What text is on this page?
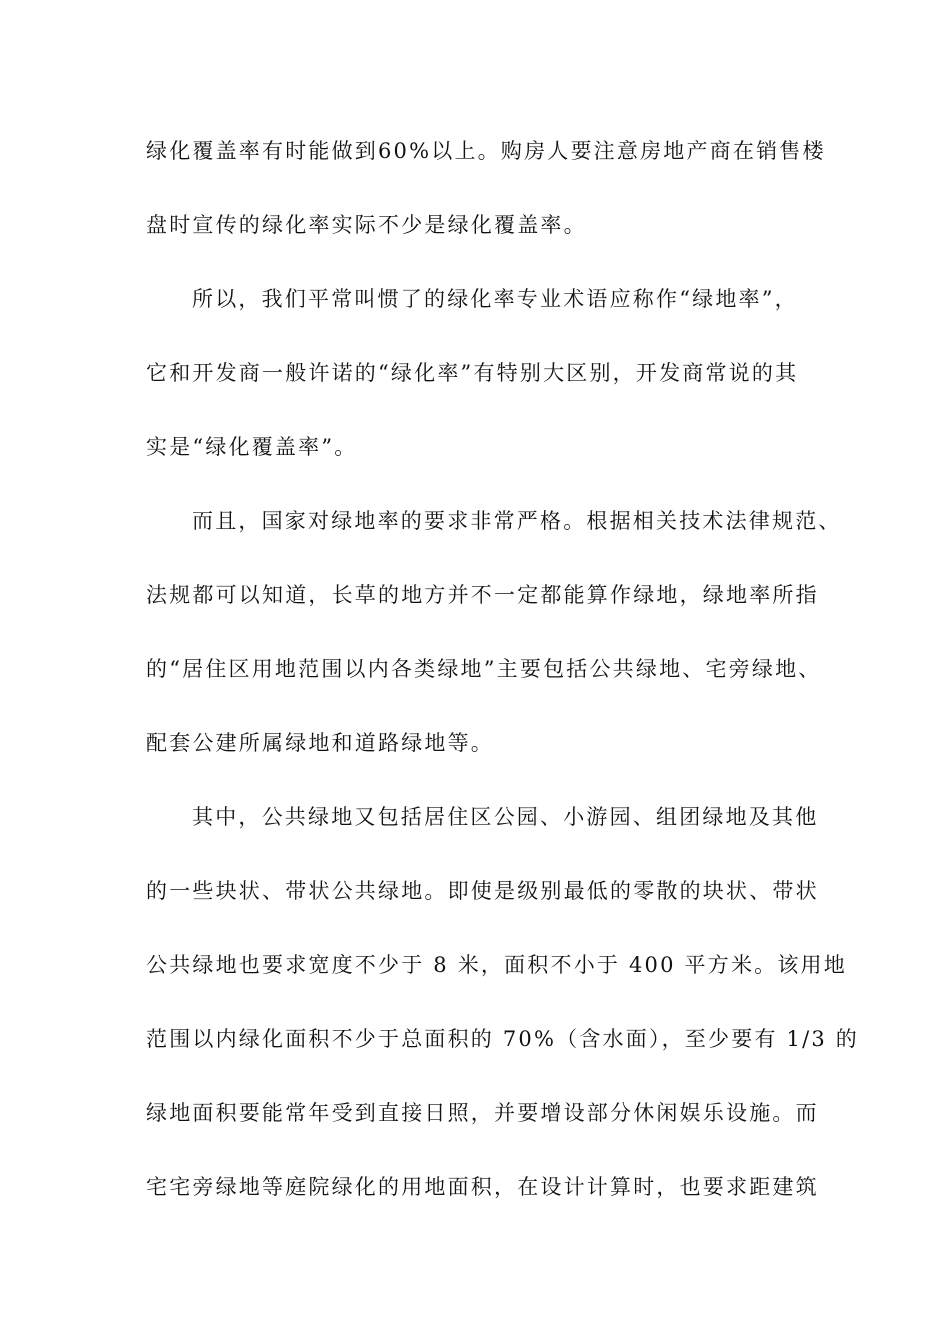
绿化覆盖率有时能做到60%以上。购房人要注意房地产商在销售楼
盘时宣传的绿化率实际不少是绿化覆盖率。
所以，我们平常叫惯了的绿化率专业术语应称作“绿地率”，
它和开发商一般许诺的“绿化率”有特别大区别，开发商常说的其
实是“绿化覆盖率”。
而且，国家对绿地率的要求非常严格。根据相关技术法律规范、
法规都可以知道，长草的地方并不一定都能算作绿地，绿地率所指
的“居住区用地范围以内各类绿地”主要包括公共绿地、宅旁绿地、
配套公建所属绿地和道路绿地等。
其中，公共绿地又包括居住区公园、小游园、组团绿地及其他
的一些块状、带状公共绿地。即使是级别最低的零散的块状、带状
公共绿地也要求宽度不少于 8 米，面积不小于 400 平方米。该用地
范围以内绿化面积不少于总面积的 70%（含水面），至少要有 1/3 的
绿地面积要能常年受到直接日照，并要增设部分休闲娱乐设施。而
宅宅旁绿地等庭院绿化的用地面积，在设计计算时，也要求距建筑
